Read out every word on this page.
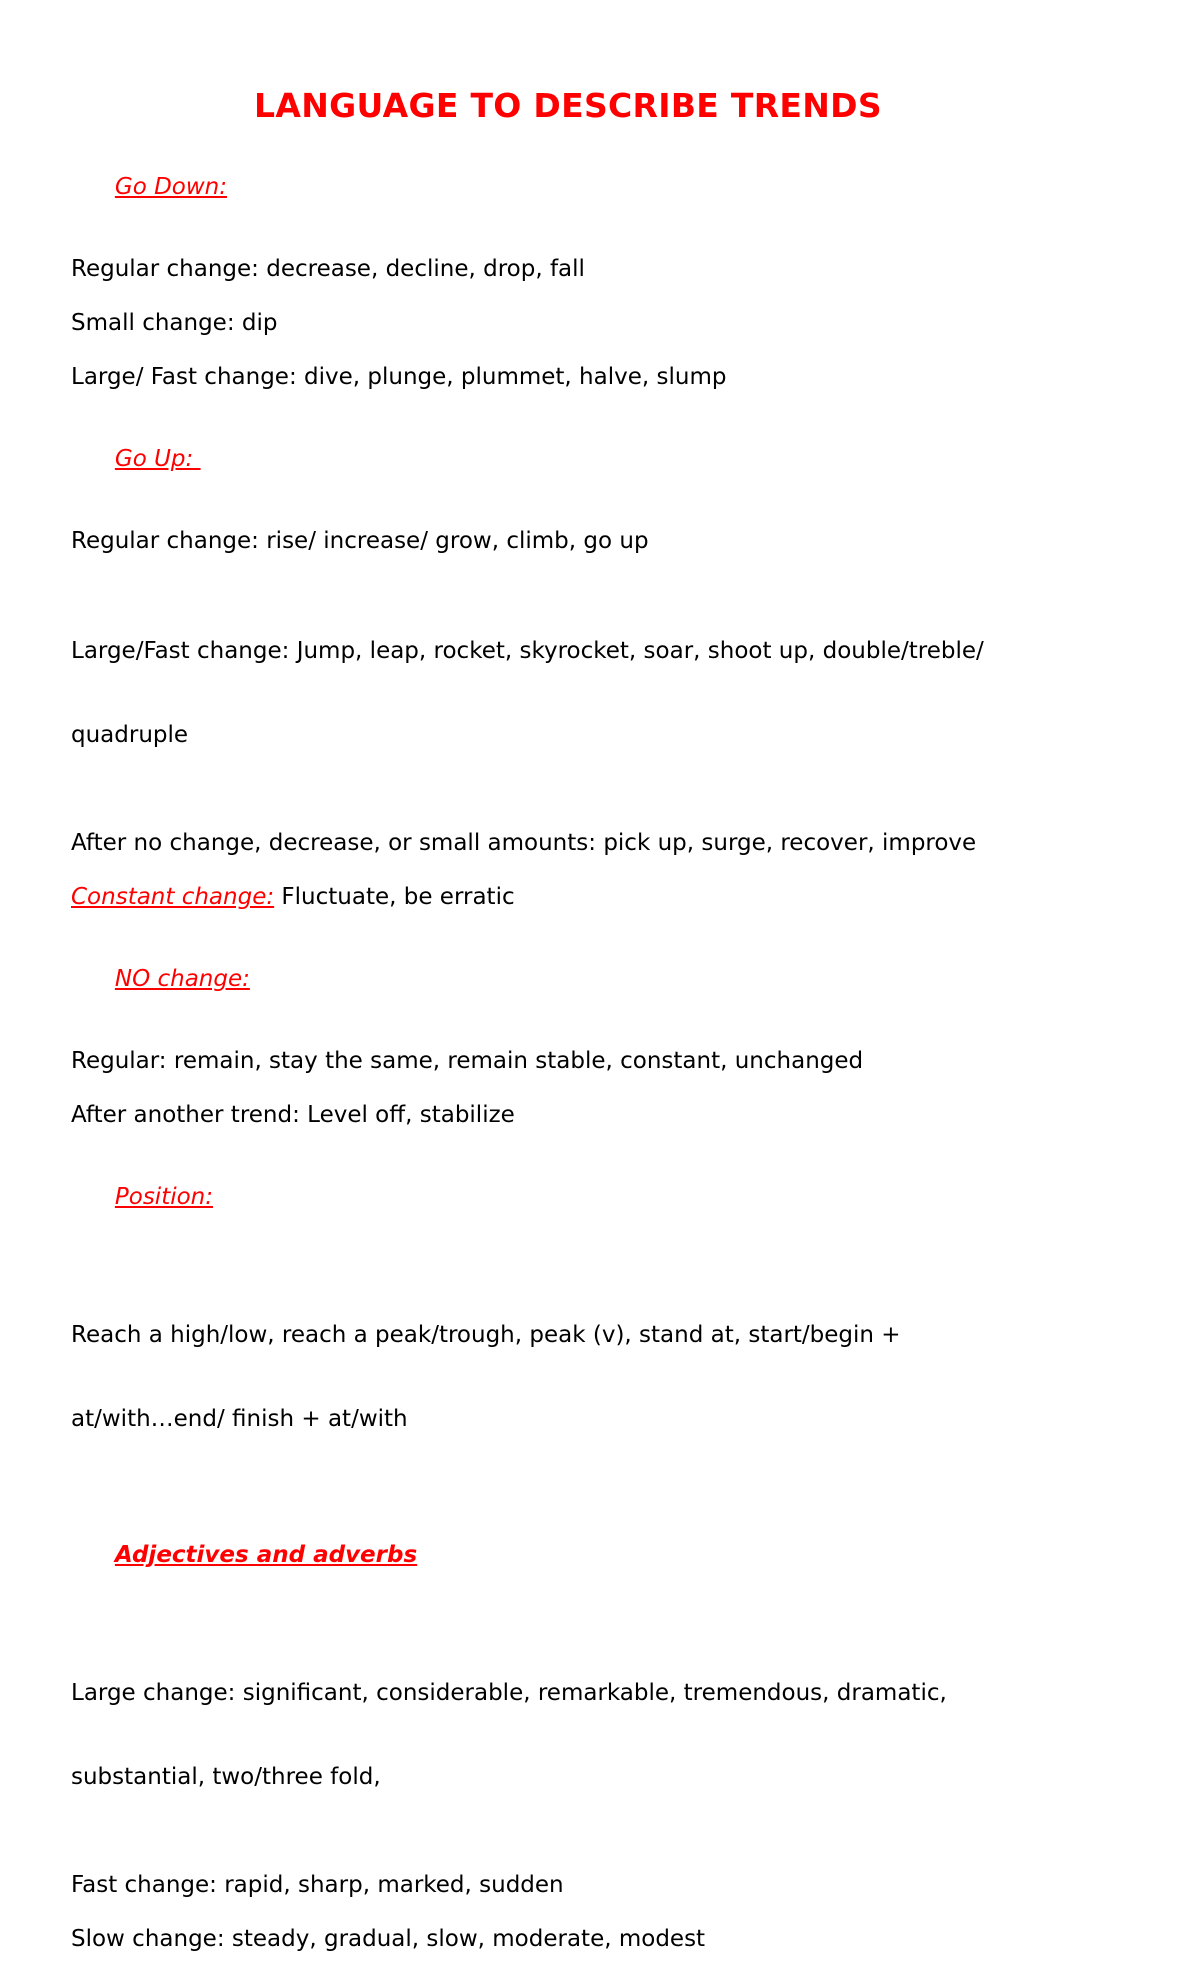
LANGUAGE TO DESCRIBE TRENDS

Go Down:

Regular change: decrease, decline, drop, fall

Small change: dip

Large/ Fast change: dive, plunge, plummet, halve, slump

Go Up:

Regular change: rise/ increase/ grow, climb, go up

Large/Fast change: Jump, leap, rocket, skyrocket, soar, shoot up, double/treble/

quadruple

After no change, decrease, or small amounts: pick up, surge, recover, improve

Constant change: Fluctuate, be erratic

NO change:

Regular: remain, stay the same, remain stable, constant, unchanged

After another trend: Level off, stabilize

Position:

Reach a high/low, reach a peak/trough, peak (v), stand at, start/begin +

at/with…end/ finish + at/with

Adjectives and adverbs

Large change: significant, considerable, remarkable, tremendous, dramatic,

substantial, two/three fold,

Fast change: rapid, sharp, marked, sudden

Slow change: steady, gradual, slow, moderate, modest
